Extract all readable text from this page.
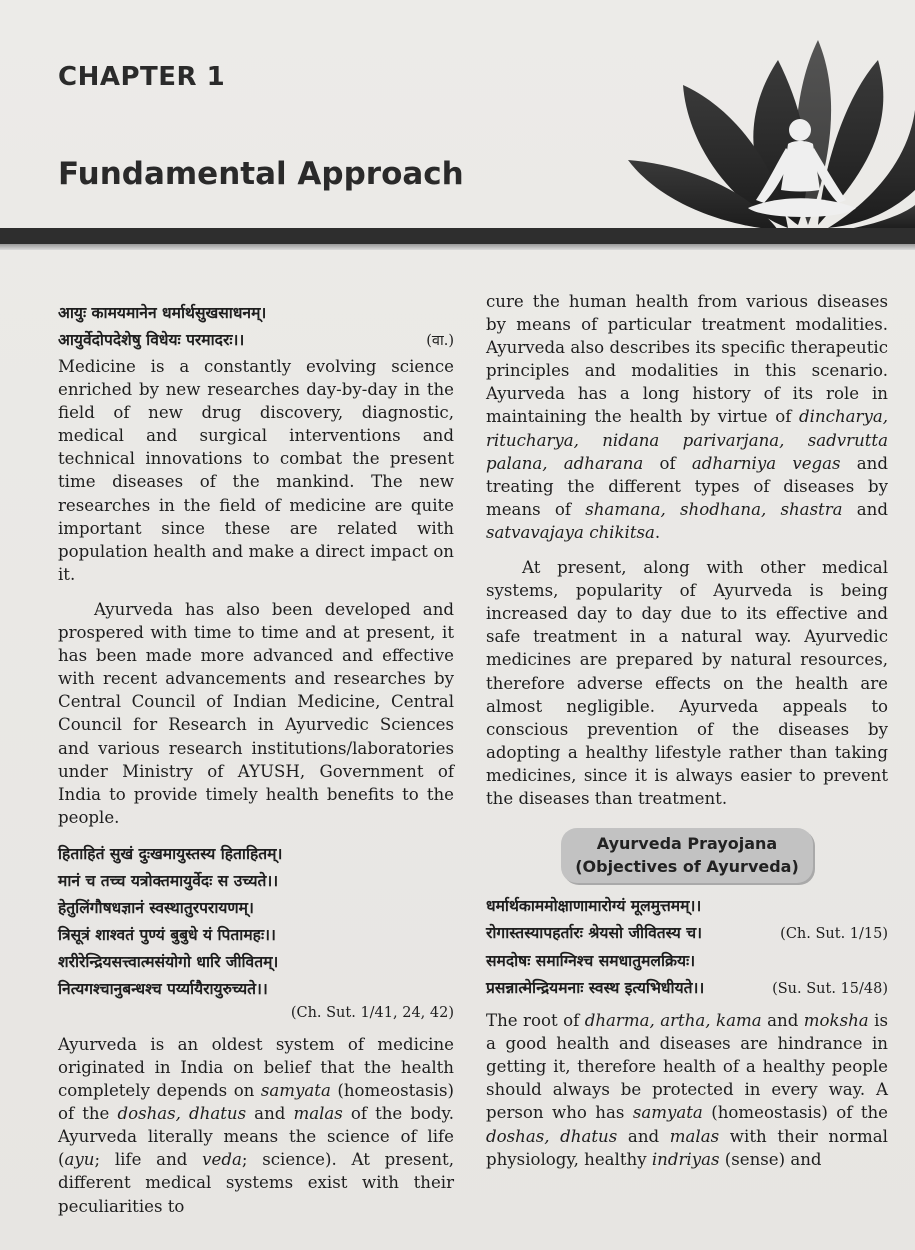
CHAPTER 1
Fundamental Approach
आयुः कामयमानेन धर्मार्थसुखसाधनम्।
आयुर्वेदोपदेशेषु विधेयः परमादरः।।	(वा.)

Medicine is a constantly evolving science enriched by new researches day-by-day in the field of new drug discovery, diagnostic, medical and surgical interventions and technical innovations to combat the present time diseases of the mankind. The new researches in the field of medicine are quite important since these are related with population health and make a direct impact on it.

Ayurveda has also been developed and prospered with time to time and at present, it has been made more advanced and effective with recent advancements and researches by Central Council of Indian Medicine, Central Council for Research in Ayurvedic Sciences and various research institutions/laboratories under Ministry of AYUSH, Government of India to provide timely health benefits to the people.

हिताहितं सुखं दुःखमायुस्तस्य हिताहितम्।
मानं च तच्च यत्रोक्तमायुर्वेदः स उच्यते।।
हेतुलिंगौषधज्ञानं स्वस्थातुरपरायणम्।
त्रिसूत्रं शाश्वतं पुण्यं बुबुधे यं पितामहः।।
शरीरेन्द्रियसत्त्वात्मसंयोगो धारि जीवितम्।
नित्यगश्चानुबन्धश्च पर्य्यायैरायुरुच्यते।।
(Ch. Sut. 1/41, 24, 42)

Ayurveda is an oldest system of medicine originated in India on belief that the health completely depends on samyata (homeostasis) of the doshas, dhatus and malas of the body. Ayurveda literally means the science of life (ayu; life and veda; science). At present, different medical systems exist with their peculiarities to

cure the human health from various diseases by means of particular treatment modalities. Ayurveda also describes its specific therapeutic principles and modalities in this scenario. Ayurveda has a long history of its role in maintaining the health by virtue of dincharya, ritucharya, nidana parivarjana, sadvrutta palana, adharana of adharniya vegas and treating the different types of diseases by means of shamana, shodhana, shastra and satvavajaya chikitsa.

At present, along with other medical systems, popularity of Ayurveda is being increased day to day due to its effective and safe treatment in a natural way. Ayurvedic medicines are prepared by natural resources, therefore adverse effects on the health are almost negligible. Ayurveda appeals to conscious prevention of the diseases by adopting a healthy lifestyle rather than taking medicines, since it is always easier to prevent the diseases than treatment.

Ayurveda Prayojana
(Objectives of Ayurveda)
धर्मार्थकाममोक्षाणामारोग्यं मूलमुत्तमम्।।
रोगास्तस्यापहर्तारः श्रेयसो जीवितस्य च।	(Ch. Sut. 1/15)
समदोषः समाग्निश्च समधातुमलक्रियः।
प्रसन्नात्मेन्द्रियमनाः स्वस्थ इत्यभिधीयते।।	(Su. Sut. 15/48)

The root of dharma, artha, kama and moksha is a good health and diseases are hindrance in getting it, therefore health of a healthy people should always be protected in every way. A person who has samyata (homeostasis) of the doshas, dhatus and malas with their normal physiology, healthy indriyas (sense) and
